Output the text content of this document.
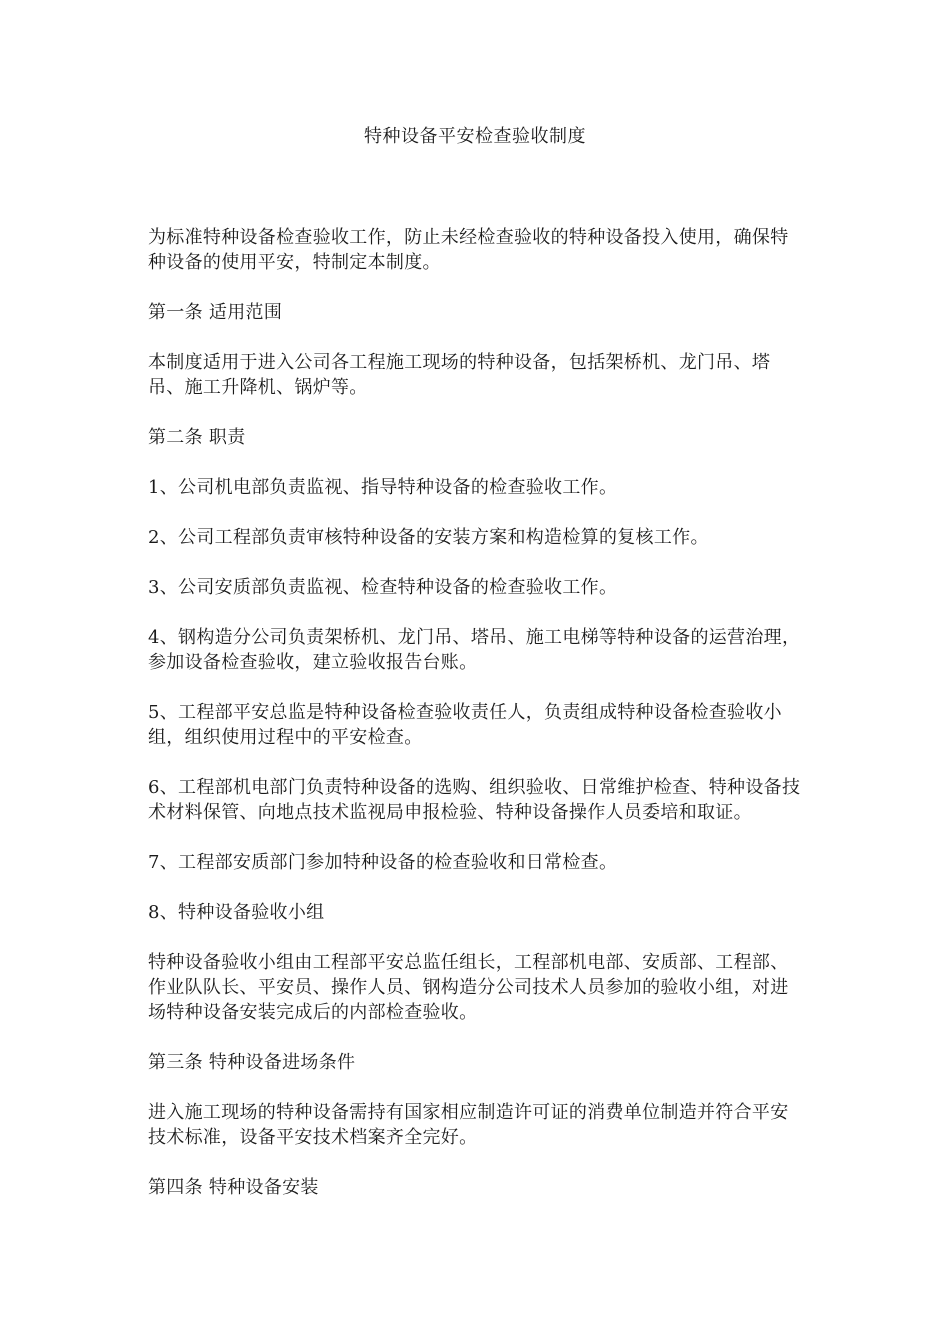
特种设备平安检查验收制度

为标准特种设备检查验收工作，防止未经检查验收的特种设备投入使用，确保特种设备的使用平安，特制定本制度。

第一条 适用范围

本制度适用于进入公司各工程施工现场的特种设备，包括架桥机、龙门吊、塔吊、施工升降机、锅炉等。

第二条 职责

1、公司机电部负责监视、指导特种设备的检查验收工作。

2、公司工程部负责审核特种设备的安装方案和构造检算的复核工作。

3、公司安质部负责监视、检查特种设备的检查验收工作。

4、钢构造分公司负责架桥机、龙门吊、塔吊、施工电梯等特种设备的运营治理，参加设备检查验收，建立验收报告台账。

5、工程部平安总监是特种设备检查验收责任人，负责组成特种设备检查验收小组，组织使用过程中的平安检查。

6、工程部机电部门负责特种设备的选购、组织验收、日常维护检查、特种设备技术材料保管、向地点技术监视局申报检验、特种设备操作人员委培和取证。

7、工程部安质部门参加特种设备的检查验收和日常检查。

8、特种设备验收小组

特种设备验收小组由工程部平安总监任组长，工程部机电部、安质部、工程部、作业队队长、平安员、操作人员、钢构造分公司技术人员参加的验收小组，对进场特种设备安装完成后的内部检查验收。

第三条 特种设备进场条件

进入施工现场的特种设备需持有国家相应制造许可证的消费单位制造并符合平安技术标准，设备平安技术档案齐全完好。

第四条 特种设备安装
